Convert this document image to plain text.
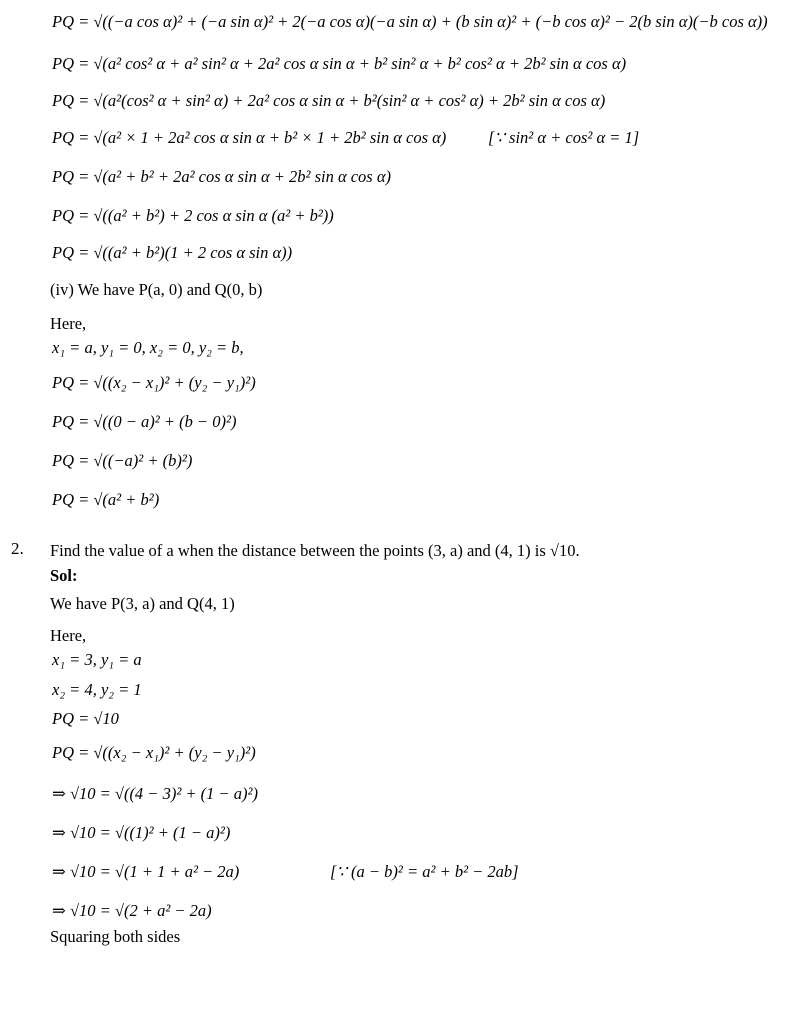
PQ = √((−a cos α)² + (−a sin α)² + 2(−a cos α)(−a sin α) + (b sin α)² + (−b cos α)² − 2(b sin α)(−b cos α))
PQ = √(a² cos² α + a² sin² α + 2a² cos α sin α + b² sin² α + b² cos² α + 2b² sin α cos α)
PQ = √(a²(cos² α + sin² α) + 2a² cos α sin α + b²(sin² α + cos² α) + 2b² sin α cos α)
PQ = √(a² × 1 + 2a² cos α sin α + b² × 1 + 2b² sin α cos α)	[∵ sin² α + cos² α = 1]
PQ = √(a² + b² + 2a² cos α sin α + 2b² sin α cos α)
PQ = √((a² + b²) + 2 cos α sin α (a² + b²))
PQ = √((a² + b²)(1 + 2 cos α sin α))
(iv) We have P(a, 0) and Q(0, b)
Here,
x₁ = a, y₁ = 0, x₂ = 0, y₂ = b,
PQ = √((x₂ − x₁)² + (y₂ − y₁)²)
PQ = √((0 − a)² + (b − 0)²)
PQ = √((−a)² + (b)²)
PQ = √(a² + b²)
2. Find the value of a when the distance between the points (3, a) and (4, 1) is √10.
Sol:
We have P(3, a) and Q(4, 1)
Here,
x₁ = 3, y₁ = a
x₂ = 4, y₂ = 1
PQ = √10
PQ = √((x₂ − x₁)² + (y₂ − y₁)²)
⇒ √10 = √((4 − 3)² + (1 − a)²)
⇒ √10 = √((1)² + (1 − a)²)
⇒ √10 = √(1 + 1 + a² − 2a)	[∵ (a − b)² = a² + b² − 2ab]
⇒ √10 = √(2 + a² − 2a)
Squaring both sides
